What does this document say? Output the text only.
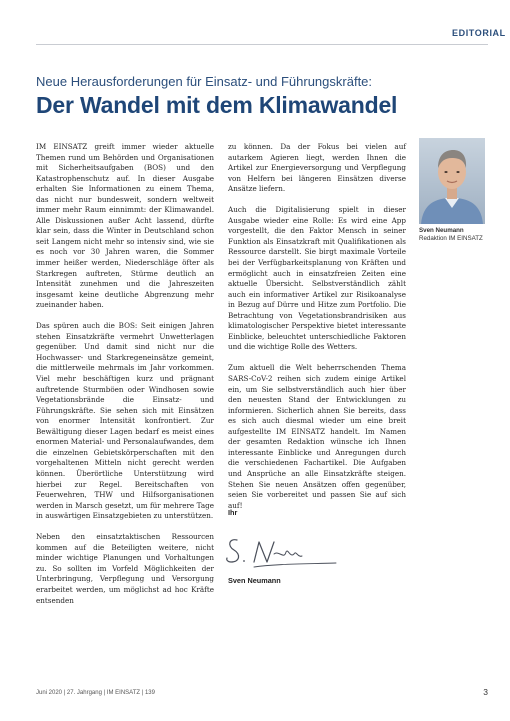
EDITORIAL
Neue Herausforderungen für Einsatz- und Führungskräfte:
Der Wandel mit dem Klimawandel

IM EINSATZ greift immer wieder aktuelle Themen rund um Behörden und Organisationen mit Sicherheitsaufgaben (BOS) und den Katastrophenschutz auf. In dieser Ausgabe erhalten Sie Informationen zu einem Thema, das nicht nur bundesweit, sondern weltweit immer mehr Raum einnimmt: der Klimawandel. Alle Diskussionen außer Acht lassend, dürfte klar sein, dass die Winter in Deutschland schon seit Langem nicht mehr so intensiv sind, wie sie es noch vor 30 Jahren waren, die Sommer immer heißer werden, Niederschläge öfter als Starkregen auftreten, Stürme deutlich an Intensität zunehmen und die Jahreszeiten insgesamt keine deutliche Abgrenzung mehr zueinander haben.

Das spüren auch die BOS: Seit einigen Jahren stehen Einsatzkräfte vermehrt Unwetterlagen gegenüber. Und damit sind nicht nur die Hochwasser- und Starkregeneinsätze gemeint, die mittlerweile mehrmals im Jahr vorkommen. Viel mehr beschäftigen kurz und prägnant auftretende Sturmböen oder Windhosen sowie Vegetationsbrände die Einsatz- und Führungskräfte. Sie sehen sich mit Einsätzen von enormer Intensität konfrontiert. Zur Bewältigung dieser Lagen bedarf es meist eines enormen Material- und Personalaufwandes, dem die einzelnen Gebietskörperschaften mit den vorgehaltenen Mitteln nicht gerecht werden können. Überörtliche Unterstützung wird hierbei zur Regel. Bereitschaften von Feuerwehren, THW und Hilfsorganisationen werden in Marsch gesetzt, um für mehrere Tage in auswärtigen Einsatzgebieten zu unterstützen.

Neben den einsatztaktischen Ressourcen kommen auf die Beteiligten weitere, nicht minder wichtige Planungen und Vorhaltungen zu. So sollten im Vorfeld Möglichkeiten der Unterbringung, Verpflegung und Versorgung erarbeitet werden, um möglichst ad hoc Kräfte entsenden

zu können. Da der Fokus bei vielen auf autarkem Agieren liegt, werden Ihnen die Artikel zur Energieversorgung und Verpflegung von Helfern bei längeren Einsätzen diverse Ansätze liefern.

Auch die Digitalisierung spielt in dieser Ausgabe wieder eine Rolle: Es wird eine App vorgestellt, die den Faktor Mensch in seiner Funktion als Einsatzkraft mit Qualifikationen als Ressource darstellt. Sie birgt maximale Vorteile bei der Verfügbarkeitsplanung von Kräften und ermöglicht auch in einsatzfreien Zeiten eine aktuelle Übersicht. Selbstverständlich zählt auch ein informativer Artikel zur Risikoanalyse in Bezug auf Dürre und Hitze zum Portfolio. Die Betrachtung von Vegetationsbrandrisiken aus klimatologischer Perspektive bietet interessante Einblicke, beleuchtet unterschiedliche Faktoren und die wichtige Rolle des Wetters.

Zum aktuell die Welt beherrschenden Thema SARS-CoV-2 reihen sich zudem einige Artikel ein, um Sie selbstverständlich auch hier über den neuesten Stand der Entwicklungen zu informieren. Sicherlich ahnen Sie bereits, dass es sich auch diesmal wieder um eine breit aufgestellte IM EINSATZ handelt. Im Namen der gesamten Redaktion wünsche ich Ihnen interessante Einblicke und Anregungen durch die verschiedenen Fachartikel. Die Aufgaben und Ansprüche an alle Einsatzkräfte steigen. Stehen Sie neuen Ansätzen offen gegenüber, seien Sie vorbereitet und passen Sie auf sich auf!

Sven Neumann
Redaktion IM EINSATZ
Ihr
Sven Neumann
Juni 2020 | 27. Jahrgang | IM EINSATZ | 139	3
